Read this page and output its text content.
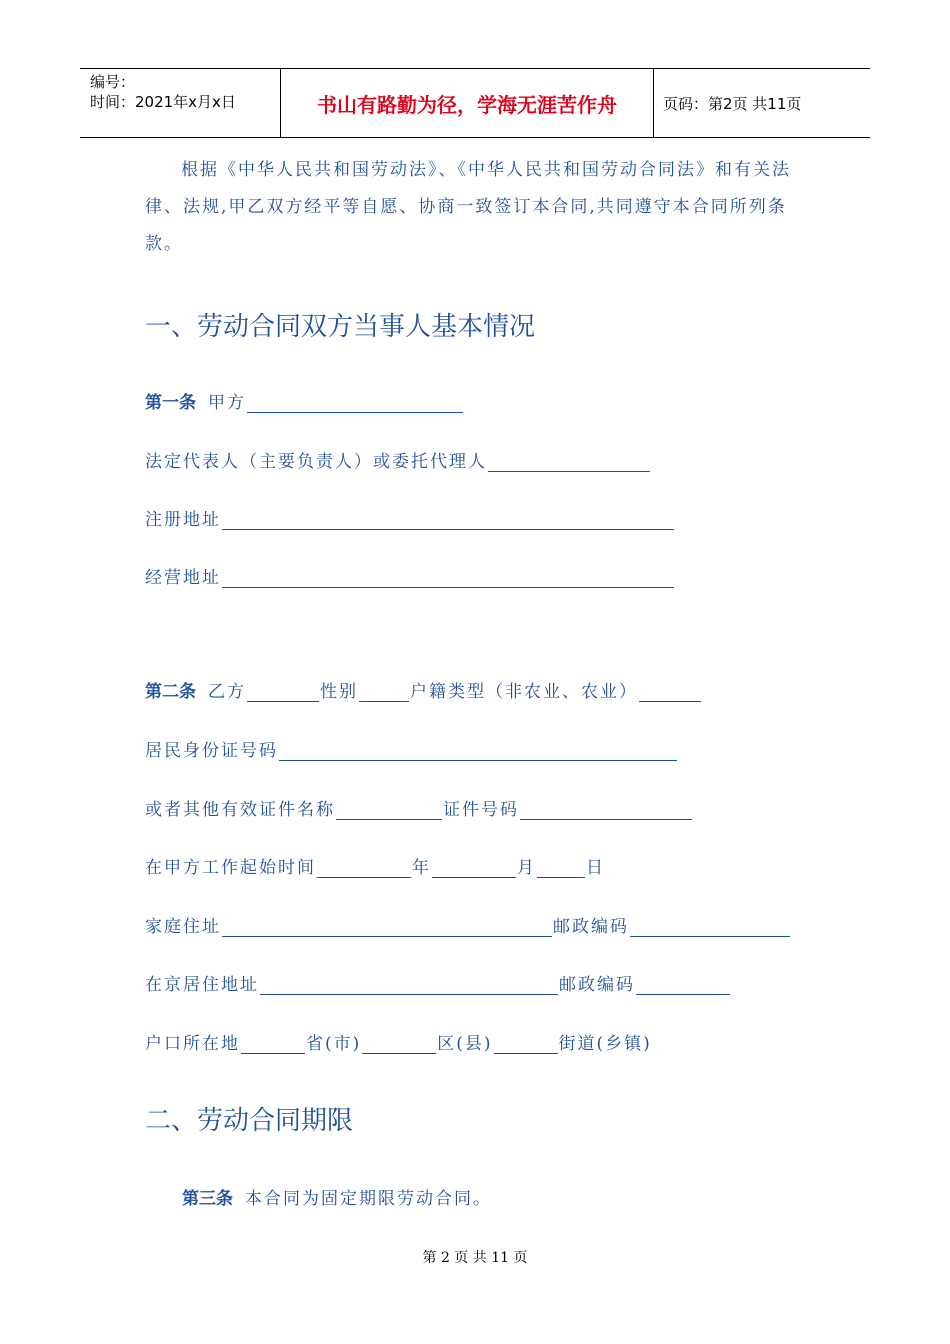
编号：
时间：2021年x月x日	书山有路勤为径，学海无涯苦作舟	页码：第2页 共11页

根据《中华人民共和国劳动法》、《中华人民共和国劳动合同法》和有关法律、法规,甲乙双方经平等自愿、协商一致签订本合同,共同遵守本合同所列条款。

一、劳动合同双方当事人基本情况
第一条 甲方
法定代表人（主要负责人）或委托代理人
注册地址
经营地址
第二条 乙方	性别	户籍类型（非农业、农业）
居民身份证号码
或者其他有效证件名称	证件号码
在甲方工作起始时间	年	月	日
家庭住址	邮政编码
在京居住地址	邮政编码
户口所在地	省(市)	区(县)	街道(乡镇)
二、劳动合同期限
第三条 本合同为固定期限劳动合同。
第 2 页 共 11 页
